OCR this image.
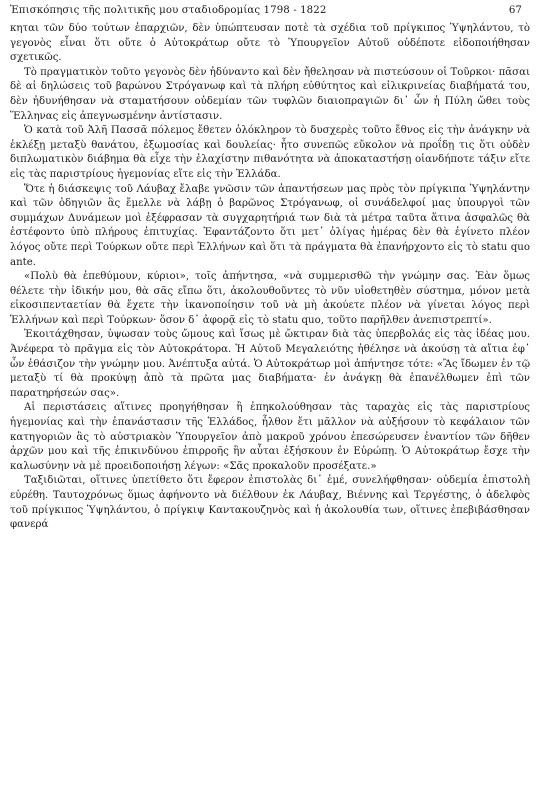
Ἐπισκόπησις τῆς πολιτικῆς μου σταδιοδρομίας 1798 - 1822	67

κηται τῶν δύο τούτων ἐπαρχιῶν, δὲν ὑπώπτευσαν ποτὲ τὰ σχέδια τοῦ πρίγκιπος Ὑψηλάντου, τὸ γεγονὸς εἶναι ὅτι οὔτε ὁ Αὐτοκράτωρ οὔτε τὸ Ὑπουργεῖον Αὐτοῦ οὐδέποτε εἰδοποιήθησαν σχετικῶς.

Τὸ πραγματικὸν τοῦτο γεγονὸς δὲν ἠδύναντο καὶ δὲν ἤθελησαν νὰ πιστεύσουν οἱ Τοῦρκοι· πᾶσαι δὲ αἱ δηλώσεις τοῦ βαρώνου Στρόγανωφ καὶ τὰ πλήρη εὐθύτητος καὶ εἰλικρινείας διαβήματά του, δὲν ἠδυνήθησαν νὰ σταματήσουν οὐδεμίαν τῶν τυφλῶν διαιοπραγιῶν δι᾿ ὧν ἡ Πύλη ὤθει τοὺς Ἕλληνας εἰς ἀπεγνωσμένην ἀντίστασιν.

Ὁ κατὰ τοῦ Ἀλῆ Πασσᾶ πόλεμος ἔθετεν ὁλόκληρον τὸ δυσχερὲς τοῦτο ἔθνος εἰς τὴν ἀνάγκην νὰ ἐκλέξῃ μεταξὺ θανάτου, ἐξωμοσίας καὶ δουλείας· ἦτο συνεπῶς εὔκολον νὰ προΐδῃ τις ὅτι οὐδὲν διπλωματικὸν διάβημα θὰ εἶχε τὴν ἐλαχίστην πιθανότητα νὰ ἀποκαταστήσῃ οἱανδήποτε τάξιν εἴτε εἰς τὰς παριστρίους ἡγεμονίας εἴτε εἰς τὴν Ἑλλάδα.

Ὅτε ἡ διάσκεψις τοῦ Λάυβαχ ἔλαβε γνῶσιν τῶν ἀπαντήσεων μας πρὸς τὸν πρίγκιπα Ὑψηλάντην καὶ τῶν ὁδηγιῶν ἃς ἔμελλε νὰ λάβῃ ὁ βαρῶνος Στρόγανωφ, οἱ συνάδελφοί μας ὑπουργοὶ τῶν συμμάχων Δυνάμεων μοὶ ἐξέφρασαν τὰ συγχαρητήριά των διὰ τὰ μέτρα ταῦτα ἅτινα ἀσφαλῶς θὰ ἐστέφοντο ὑπὸ πλήρους ἐπιτυχίας. Ἐφαντάζοντο ὅτι μετ᾿ ὀλίγας ἡμέρας δὲν θὰ ἐγίνετο πλέον λόγος οὔτε περὶ Τούρκων οὔτε περὶ Ἑλλήνων καὶ ὅτι τὰ πράγματα θὰ ἐπανήρχοντο εἰς τὸ statu quo ante.

«Πολὺ θὰ ἐπεθύμουν, κύριοι», τοῖς ἀπήντησα, «νὰ συμμερισθῶ τὴν γνώμην σας. Ἐὰν ὅμως θέλετε τὴν ἰδικήν μου, θὰ σᾶς εἴπω ὅτι, ἀκολουθοῦντες τὸ νῦν υἱοθετηθὲν σύστημα, μόνον μετὰ εἰκοσιπενταετίαν θὰ ἔχετε τὴν ἱκανοποίησιν τοῦ νὰ μὴ ἀκούετε πλέον νὰ γίνεται λόγος περὶ Ἑλλήνων καὶ περὶ Τούρκων· ὅσον δ᾿ ἀφορᾷ εἰς τὸ statu quo, τοῦτο παρῆλθεν ἀνεπιστρεπτί».

Ἐκοιτάχθησαν, ὑψωσαν τοὺς ὤμους καὶ ἴσως μὲ ὤκτιραν διὰ τὰς ὑπερβολάς εἰς τὰς ἰδέας μου. Ἀνέφερα τὸ πρᾶγμα εἰς τὸν Αὐτοκράτορα. Ἡ Αὐτοῦ Μεγαλειότης ἠθέλησε νὰ ἀκούσῃ τὰ αἴτια ἐφ᾿ ὧν ἐθάσιζον τὴν γνώμην μου. Ἀνέπτυξα αὐτά. Ὁ Αὐτοκράτωρ μοὶ ἀπήντησε τότε: «Ἂς ἴδωμεν ἐν τῷ μεταξὺ τί θὰ προκύψῃ ἀπὸ τὰ πρῶτα μας διαβήματα· ἐν ἀνάγκῃ θὰ ἐπανέλθωμεν ἐπὶ τῶν παρατηρήσεών σας».

Αἱ περιστάσεις αἵτινες προηγήθησαν ἢ ἐπηκολούθησαν τὰς ταραχὰς εἰς τὰς παριστρίους ἡγεμονίας καὶ τὴν ἐπανάστασιν τῆς Ἑλλάδος, ἦλθον ἔτι μᾶλλον νὰ αὐξήσουν τὸ κεφάλαιον τῶν κατηγοριῶν ἃς τὸ αὐστριακὸν Ὑπουργεῖον ἀπὸ μακροῦ χρόνου ἐπεσώρευσεν ἐναντίον τῶν δῆθεν ἀρχῶν μου καὶ τῆς ἐπικινδύνου ἐπιρροῆς ἣν αὗται ἐξήσκουν ἐν Εὐρώπῃ. Ὁ Αὐτοκράτωρ ἔσχε τὴν καλωσύνην νὰ μὲ προειδοποιήσῃ λέγων: «Σᾶς προκαλοῦν προσέξατε.»

Ταξιδιῶται, οἵτινες ὑπετίθετο ὅτι ἔφερον ἐπιστολὰς δι᾿ ἐμέ, συνελήφθησαν· οὐδεμία ἐπιστολὴ εὑρέθη. Ταυτοχρόνως ὅμως ἀφήνοντο νὰ διέλθουν ἐκ Λάυβαχ, Βιέννης καὶ Τεργέστης, ὁ ἀδελφὸς τοῦ πρίγκιπος Ὑψηλάντου, ὁ πρίγκιψ Καντακουζηνὸς καὶ ἡ ἀκολουθία των, οἵτινες ἐπεβιβάσθησαν φανερά
